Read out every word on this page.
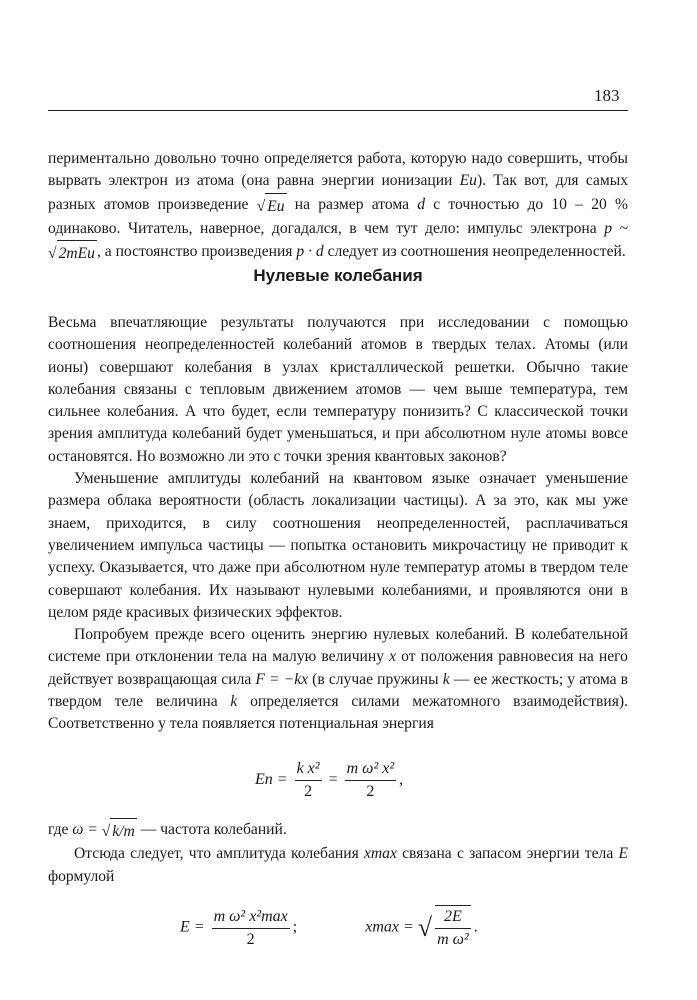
183

периментально довольно точно определяется работа, которую надо совершить, чтобы вырвать электрон из атома (она равна энергии ионизации Eи). Так вот, для самых разных атомов произведение √ Eи на размер атома d с точностью до 10 – 20 % одинаково. Читатель, наверное, догадался, в чем тут дело: импульс электрона p ~ √ 2mEи , а постоянство произведения p · d следует из соотношения неопределенностей.

Нулевые колебания

Весьма впечатляющие результаты получаются при исследовании с помощью соотношения неопределенностей колебаний атомов в твердых телах. Атомы (или ионы) совершают колебания в узлах кристаллической решетки. Обычно такие колебания связаны с тепловым движением атомов — чем выше температура, тем сильнее колебания. А что будет, если температуру понизить? С классической точки зрения амплитуда колебаний будет уменьшаться, и при абсолютном нуле атомы вовсе остановятся. Но возможно ли это с точки зрения квантовых законов?

Уменьшение амплитуды колебаний на квантовом языке означает уменьшение размера облака вероятности (область локализации частицы). А за это, как мы уже знаем, приходится, в силу соотношения неопределенностей, расплачиваться увеличением импульса частицы — попытка остановить микрочастицу не приводит к успеху. Оказывается, что даже при абсолютном нуле температур атомы в твердом теле совершают колебания. Их называют нулевыми колебаниями, и проявляются они в целом ряде красивых физических эффектов.

Попробуем прежде всего оценить энергию нулевых колебаний. В колебательной системе при отклонении тела на малую величину x от положения равновесия на него действует возвращающая сила F = −kx (в случае пружины k — ее жесткость; у атома в твердом теле величина k определяется силами межатомного взаимодействия). Соответственно у тела появляется потенциальная энергия

Eп = $\frac{\text{k x²}}{2} = \frac{\text{m ω² x²}}{2}$ ,

где ω = √ k/m — частота колебаний.

Отсюда следует, что амплитуда колебания xmax связана с запасом энергии тела E формулой

$E = \frac{\text{m ω² x²max}}{2}$ ;	xmax = √ $\frac{2E}{\text{m ω²}}$ .
